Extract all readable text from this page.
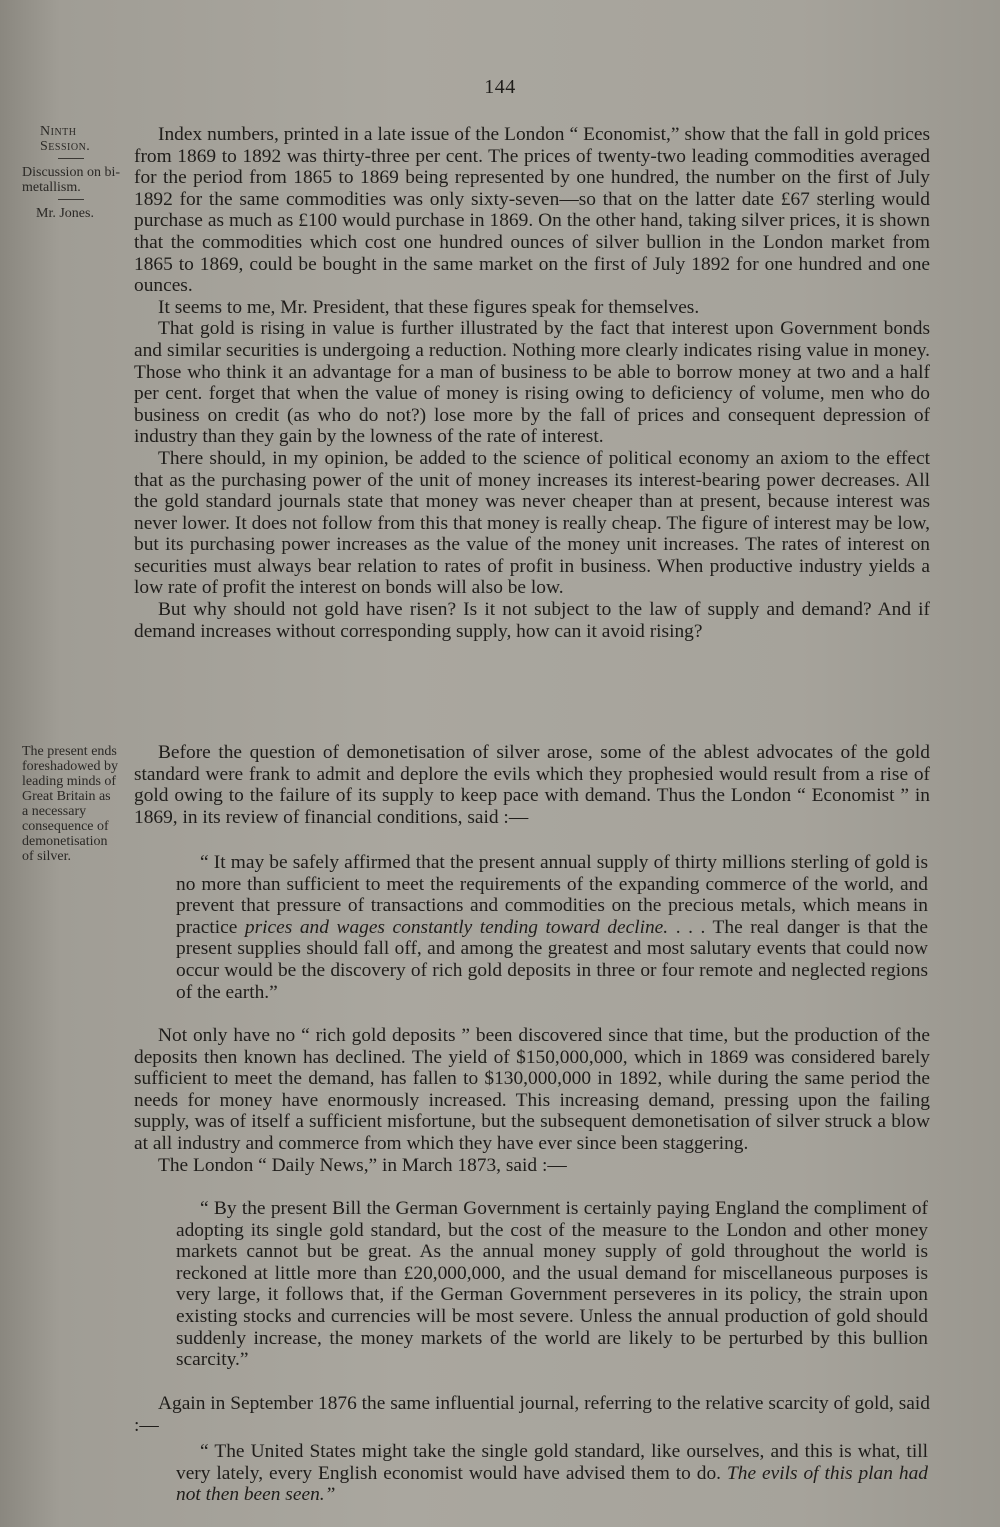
144
Ninth
Session.
Discussion on bi-metallism.
Mr. Jones.
The present ends foreshadowed by leading minds of Great Britain as a necessary consequence of demonetisation of silver.

Index numbers, printed in a late issue of the London “ Economist,” show that the fall in gold prices from 1869 to 1892 was thirty-three per cent. The prices of twenty-two leading commodities averaged for the period from 1865 to 1869 being represented by one hundred, the number on the first of July 1892 for the same commodities was only sixty-seven—so that on the latter date £67 sterling would purchase as much as £100 would purchase in 1869. On the other hand, taking silver prices, it is shown that the commodities which cost one hundred ounces of silver bullion in the London market from 1865 to 1869, could be bought in the same market on the first of July 1892 for one hundred and one ounces.

It seems to me, Mr. President, that these figures speak for themselves.

That gold is rising in value is further illustrated by the fact that interest upon Government bonds and similar securities is undergoing a reduction. Nothing more clearly indicates rising value in money. Those who think it an advantage for a man of business to be able to borrow money at two and a half per cent. forget that when the value of money is rising owing to deficiency of volume, men who do business on credit (as who do not?) lose more by the fall of prices and consequent depression of industry than they gain by the lowness of the rate of interest.

There should, in my opinion, be added to the science of political economy an axiom to the effect that as the purchasing power of the unit of money increases its interest-bearing power decreases. All the gold standard journals state that money was never cheaper than at present, because interest was never lower. It does not follow from this that money is really cheap. The figure of interest may be low, but its purchasing power increases as the value of the money unit increases. The rates of interest on securities must always bear relation to rates of profit in business. When productive industry yields a low rate of profit the interest on bonds will also be low.

But why should not gold have risen? Is it not subject to the law of supply and demand? And if demand increases without corresponding supply, how can it avoid rising?

Before the question of demonetisation of silver arose, some of the ablest advocates of the gold standard were frank to admit and deplore the evils which they prophesied would result from a rise of gold owing to the failure of its supply to keep pace with demand. Thus the London “ Economist ” in 1869, in its review of financial conditions, said :—

“ It may be safely affirmed that the present annual supply of thirty millions sterling of gold is no more than sufficient to meet the requirements of the expanding commerce of the world, and prevent that pressure of transactions and commodities on the precious metals, which means in practice prices and wages constantly tending toward decline. . . . The real danger is that the present supplies should fall off, and among the greatest and most salutary events that could now occur would be the discovery of rich gold deposits in three or four remote and neglected regions of the earth.”

Not only have no “ rich gold deposits ” been discovered since that time, but the production of the deposits then known has declined. The yield of $150,000,000, which in 1869 was considered barely sufficient to meet the demand, has fallen to $130,000,000 in 1892, while during the same period the needs for money have enormously increased. This increasing demand, pressing upon the failing supply, was of itself a sufficient misfortune, but the subsequent demonetisation of silver struck a blow at all industry and commerce from which they have ever since been staggering.

The London “ Daily News,” in March 1873, said :—

“ By the present Bill the German Government is certainly paying England the compliment of adopting its single gold standard, but the cost of the measure to the London and other money markets cannot but be great. As the annual money supply of gold throughout the world is reckoned at little more than £20,000,000, and the usual demand for miscellaneous purposes is very large, it follows that, if the German Government perseveres in its policy, the strain upon existing stocks and currencies will be most severe. Unless the annual production of gold should suddenly increase, the money markets of the world are likely to be perturbed by this bullion scarcity.”

Again in September 1876 the same influential journal, referring to the relative scarcity of gold, said :—

“ The United States might take the single gold standard, like ourselves, and this is what, till very lately, every English economist would have advised them to do. The evils of this plan had not then been seen.”
